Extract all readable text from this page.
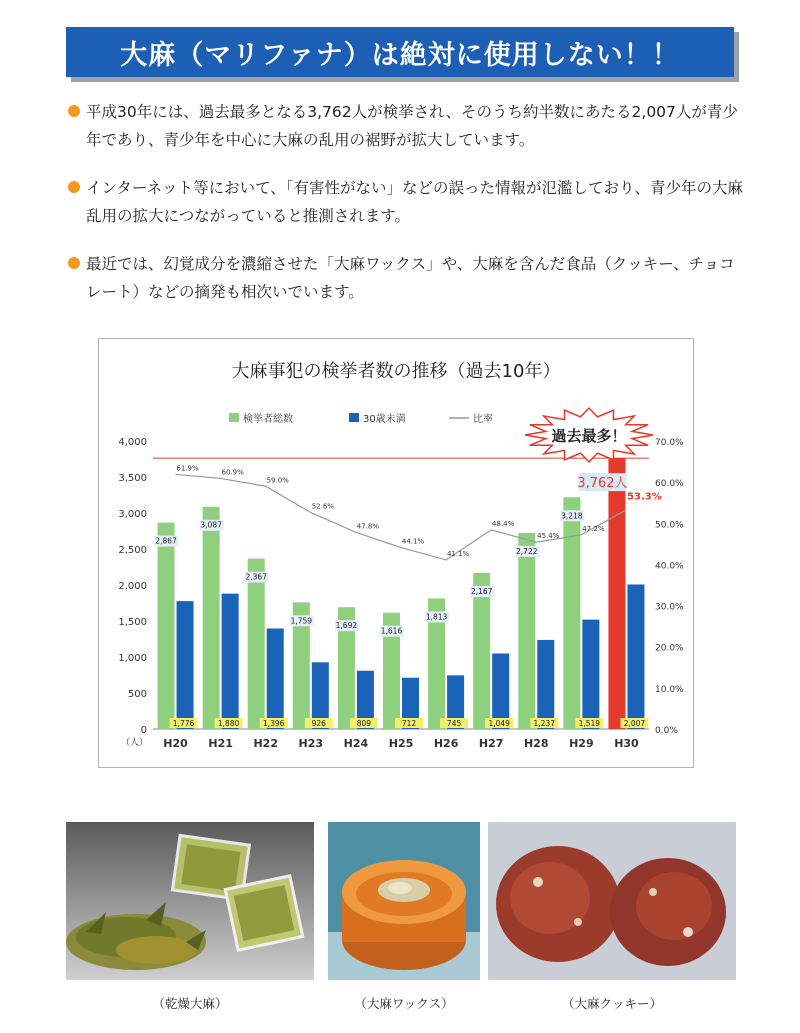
大麻（マリファナ）は絶対に使用しない！！

平成30年には、過去最多となる3,762人が検挙され、そのうち約半数にあたる2,007人が青少年であり、青少年を中心に大麻の乱用の裾野が拡大しています。

インターネット等において、「有害性がない」などの誤った情報が氾濫しており、青少年の大麻乱用の拡大につながっていると推測されます。

最近では、幻覚成分を濃縮させた「大麻ワックス」や、大麻を含んだ食品（クッキー、チョコレート）などの摘発も相次いでいます。

大麻事犯の検挙者数の推移（過去10年）
0
500
1,000
1,500
2,000
2,500
3,000
3,500
4,000
（人）
0.0%
10.0%
20.0%
30.0%
40.0%
50.0%
60.0%
70.0%
H20
1,776
2,867
H21
1,880
3,087
H22
1,396
2,367
H23
926
1,759
H24
809
1,692
H25
712
1,616
H26
745
1,813
H27
1,049
2,167
H28
1,237
2,722
H29
1,519
3,218
H30
2,007
61.9%
60.9%
59.0%
52.6%
47.8%
44.1%
41.1%
48.4%
45.4%
47.2%
53.3%
3,762人
検挙者総数	30歳未満	比率
過去最多！
（乾燥大麻）	（大麻ワックス）	（大麻クッキー）
